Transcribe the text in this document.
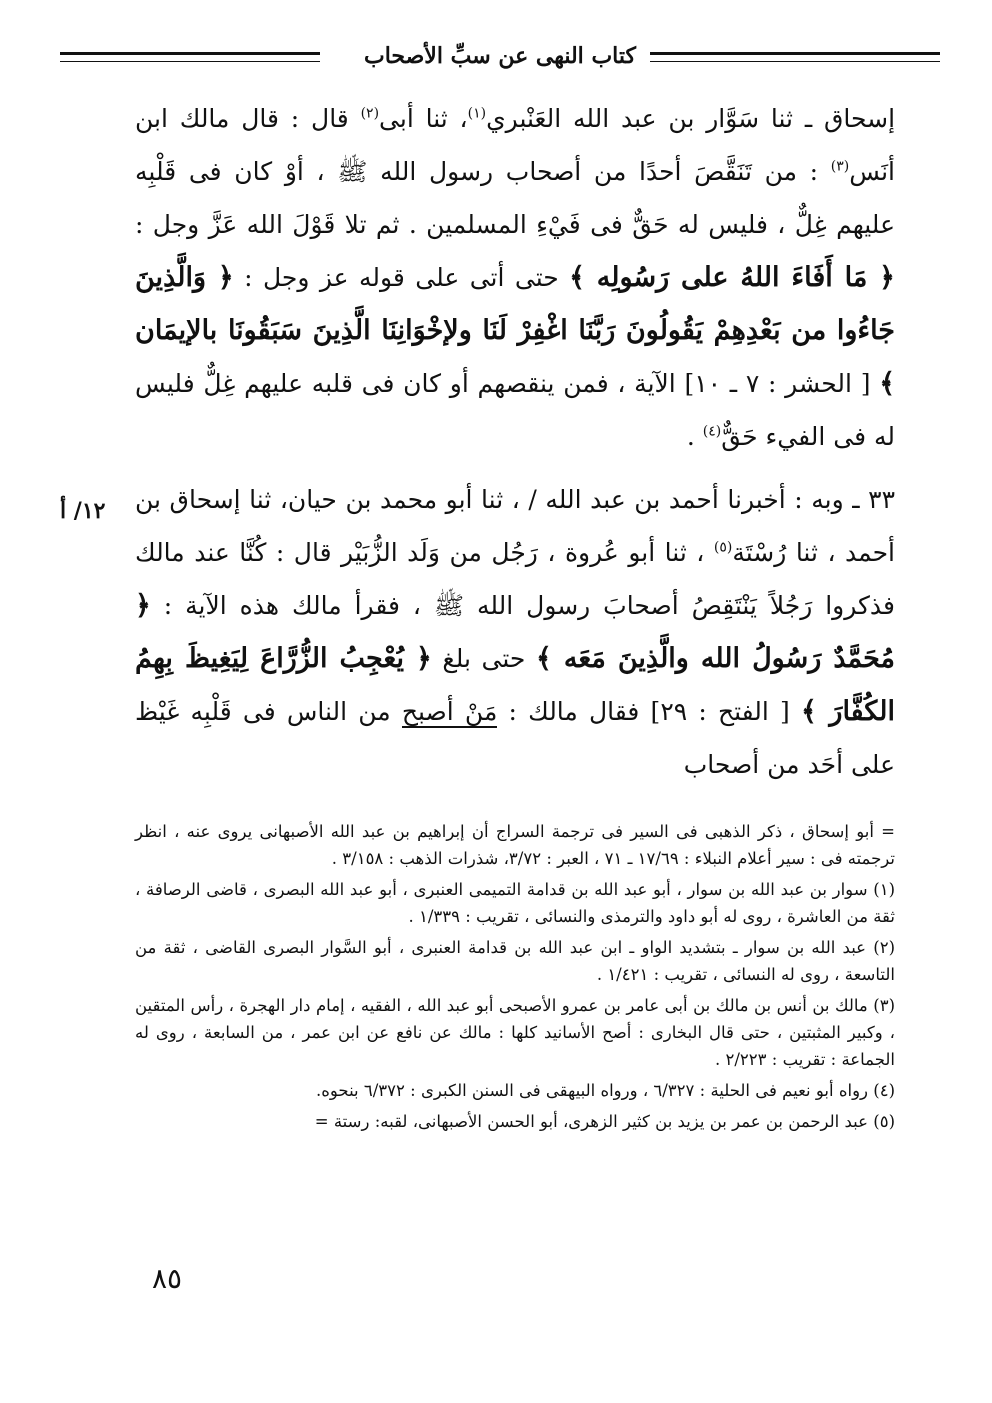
كتاب النهى عن سبِّ الأصحاب
١٢/ أ

إسحاق ـ ثنا سَوَّار بن عبد الله العَنْبري$^{(١)}$، ثنا أبى$^{(٢)}$ قال : قال مالك ابن أنَس$^{(٣)}$ : من تَنَقَّصَ أحدًا من أصحاب رسول الله ﷺ ، أوْ كان فى قَلْبِه عليهم غِلٌّ ، فليس له حَقٌّ فى فَيْءِ المسلمين . ثم تلا قَوْلَ الله عَزَّ وجل : ﴿ مَا أَفَاءَ اللهُ على رَسُولِه ﴾ حتى أتى على قوله عز وجل : ﴿ وَالَّذِينَ جَاءُوا من بَعْدِهِمْ يَقُولُونَ رَبَّنَا اغْفِرْ لَنَا ولإخْوَانِنَا الَّذِينَ سَبَقُونَا بالإيمَان ﴾ [ الحشر : ٧ ـ ١٠] الآية ، فمن ينقصهم أو كان فى قلبه عليهم غِلٌّ فليس له فى الفيء حَقٌّ$^{(٤)}$ .

٣٣ ـ وبه : أخبرنا أحمد بن عبد الله / ، ثنا أبو محمد بن حيان، ثنا إسحاق بن أحمد ، ثنا رُسْتَة$^{(٥)}$ ، ثنا أبو عُروة ، رَجُل من وَلَد الزُّبَيْر قال : كُنَّا عند مالك فذكروا رَجُلاً يَنْتَقِصُ أصحابَ رسول الله ﷺ ، فقرأ مالك هذه الآية : ﴿ مُحَمَّدٌ رَسُولُ الله والَّذِينَ مَعَه ﴾ حتى بلغ ﴿ يُعْجِبُ الزُّرَّاعَ لِيَغِيظَ بِهِمُ الكُفَّارَ ﴾ [ الفتح : ٢٩] فقال مالك : مَنْ أصبح من الناس فى قَلْبِه غَيْظ على أحَد من أصحاب

= أبو إسحاق ، ذكر الذهبى فى السير فى ترجمة السراج أن إبراهيم بن عبد الله الأصبهانى يروى عنه ، انظر ترجمته فى : سير أعلام النبلاء : ١٧/٦٩ ـ ٧١ ، العبر : ٣/٧٢، شذرات الذهب : ٣/١٥٨ .

(١) سوار بن عبد الله بن سوار ، أبو عبد الله بن قدامة التميمى العنبرى ، أبو عبد الله البصرى ، قاضى الرصافة ، ثقة من العاشرة ، روى له أبو داود والترمذى والنسائى ، تقريب : ١/٣٣٩ .

(٢) عبد الله بن سوار ـ بتشديد الواو ـ ابن عبد الله بن قدامة العنبرى ، أبو السَّوار البصرى القاضى ، ثقة من التاسعة ، روى له النسائى ، تقريب : ١/٤٢١ .

(٣) مالك بن أنس بن مالك بن أبى عامر بن عمرو الأصبحى أبو عبد الله ، الفقيه ، إمام دار الهجرة ، رأس المتقين ، وكبير المثبتين ، حتى قال البخارى : أصح الأسانيد كلها : مالك عن نافع عن ابن عمر ، من السابعة ، روى له الجماعة : تقريب : ٢/٢٢٣ .

(٤) رواه أبو نعيم فى الحلية : ٦/٣٢٧ ، ورواه البيهقى فى السنن الكبرى : ٦/٣٧٢ بنحوه.

(٥) عبد الرحمن بن عمر بن يزيد بن كثير الزهرى، أبو الحسن الأصبهانى، لقبه: رستة =

٨٥
